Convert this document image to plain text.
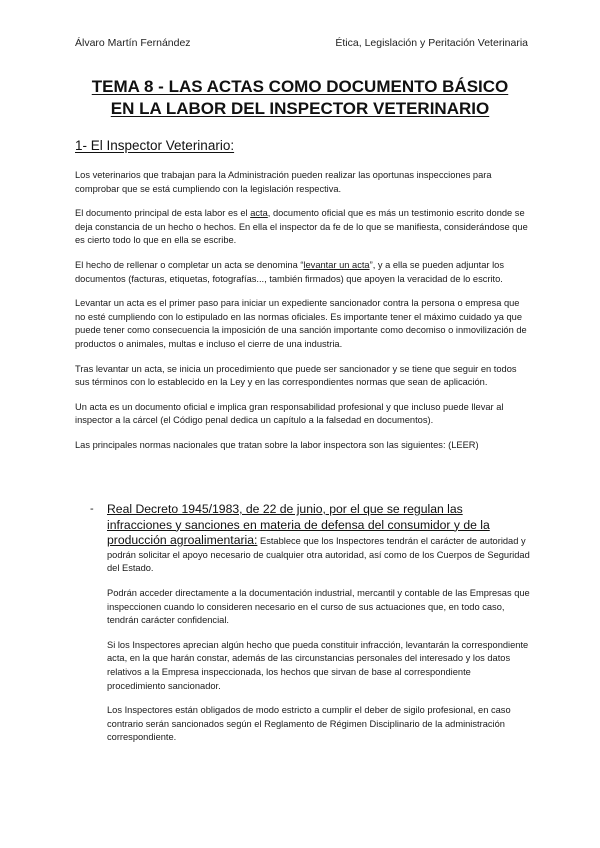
Álvaro Martín Fernández	Ética, Legislación y Peritación Veterinaria
TEMA 8 - LAS ACTAS COMO DOCUMENTO BÁSICO
EN LA LABOR DEL INSPECTOR VETERINARIO
1- El Inspector Veterinario:

Los veterinarios que trabajan para la Administración pueden realizar las oportunas inspecciones para comprobar que se está cumpliendo con la legislación respectiva.

El documento principal de esta labor es el acta, documento oficial que es más un testimonio escrito donde se deja constancia de un hecho o hechos. En ella el inspector da fe de lo que se manifiesta, considerándose que es cierto todo lo que en ella se escribe.

El hecho de rellenar o completar un acta se denomina “levantar un acta”, y a ella se pueden adjuntar los documentos (facturas, etiquetas, fotografías..., también firmados) que apoyen la veracidad de lo escrito.

Levantar un acta es el primer paso para iniciar un expediente sancionador contra la persona o empresa que no esté cumpliendo con lo estipulado en las normas oficiales. Es importante tener el máximo cuidado ya que puede tener como consecuencia la imposición de una sanción importante como decomiso o inmovilización de productos o animales, multas e incluso el cierre de una industria.

Tras levantar un acta, se inicia un procedimiento que puede ser sancionador y se tiene que seguir en todos sus términos con lo establecido en la Ley y en las correspondientes normas que sean de aplicación.

Un acta es un documento oficial e implica gran responsabilidad profesional y que incluso puede llevar al inspector a la cárcel (el Código penal dedica un capítulo a la falsedad en documentos).

Las principales normas nacionales que tratan sobre la labor inspectora son las siguientes: (LEER)

-	Real Decreto 1945/1983, de 22 de junio, por el que se regulan las infracciones y sanciones en materia de defensa del consumidor y de la producción agroalimentaria: Establece que los Inspectores tendrán el carácter de autoridad y podrán solicitar el apoyo necesario de cualquier otra autoridad, así como de los Cuerpos de Seguridad del Estado.

Podrán acceder directamente a la documentación industrial, mercantil y contable de las Empresas que inspeccionen cuando lo consideren necesario en el curso de sus actuaciones que, en todo caso, tendrán carácter confidencial.

Si los Inspectores aprecian algún hecho que pueda constituir infracción, levantarán la correspondiente acta, en la que harán constar, además de las circunstancias personales del interesado y los datos relativos a la Empresa inspeccionada, los hechos que sirvan de base al correspondiente procedimiento sancionador.

Los Inspectores están obligados de modo estricto a cumplir el deber de sigilo profesional, en caso contrario serán sancionados según el Reglamento de Régimen Disciplinario de la administración correspondiente.
